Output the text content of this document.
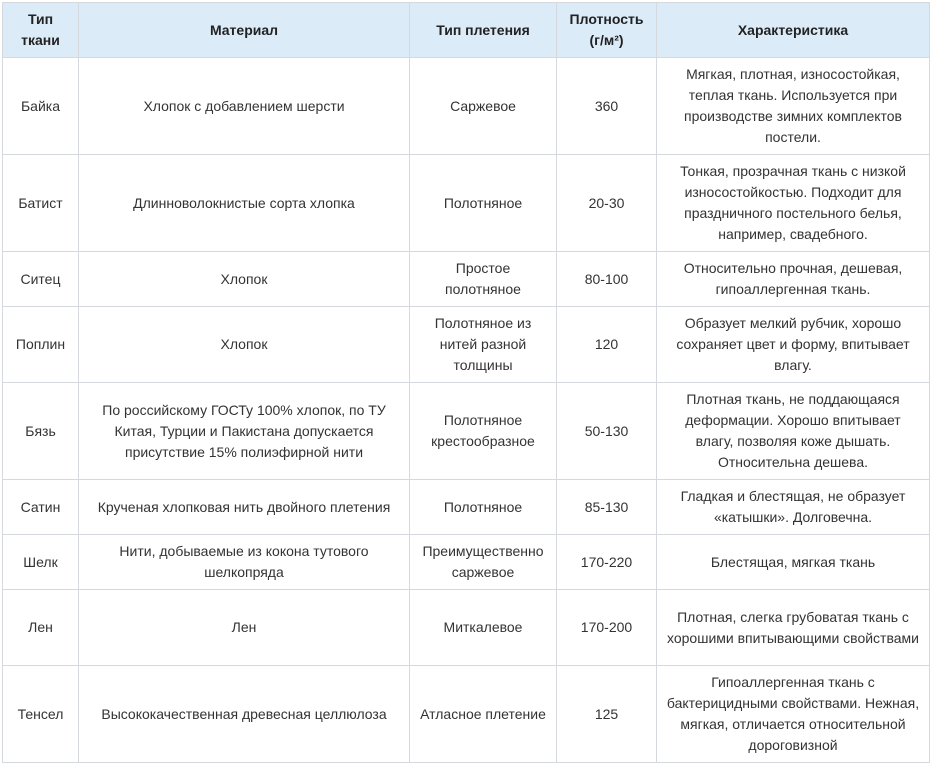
Тип ткани	Материал	Тип плетения	Плотность (г/м²)	Характеристика
Байка	Хлопок с добавлением шерсти	Саржевое	360	Мягкая, плотная, износостойкая, теплая ткань. Используется при производстве зимних комплектов постели.
Батист	Длинноволокнистые сорта хлопка	Полотняное	20-30	Тонкая, прозрачная ткань с низкой износостойкостью. Подходит для праздничного постельного белья, например, свадебного.
Ситец	Хлопок	Простое полотняное	80-100	Относительно прочная, дешевая, гипоаллергенная ткань.
Поплин	Хлопок	Полотняное из нитей разной толщины	120	Образует мелкий рубчик, хорошо сохраняет цвет и форму, впитывает влагу.
Бязь	По российскому ГОСТу 100% хлопок, по ТУ Китая, Турции и Пакистана допускается присутствие 15% полиэфирной нити	Полотняное крестообразное	50-130	Плотная ткань, не поддающаяся деформации. Хорошо впитывает влагу, позволяя коже дышать. Относительна дешева.
Сатин	Крученая хлопковая нить двойного плетения	Полотняное	85-130	Гладкая и блестящая, не образует «катышки». Долговечна.
Шелк	Нити, добываемые из кокона тутового шелкопряда	Преимущественно саржевое	170-220	Блестящая, мягкая ткань
Лен	Лен	Миткалевое	170-200	Плотная, слегка грубоватая ткань с хорошими впитывающими свойствами
Тенсел	Высококачественная древесная целлюлоза	Атласное плетение	125	Гипоаллергенная ткань с бактерицидными свойствами. Нежная, мягкая, отличается относительной дороговизной
